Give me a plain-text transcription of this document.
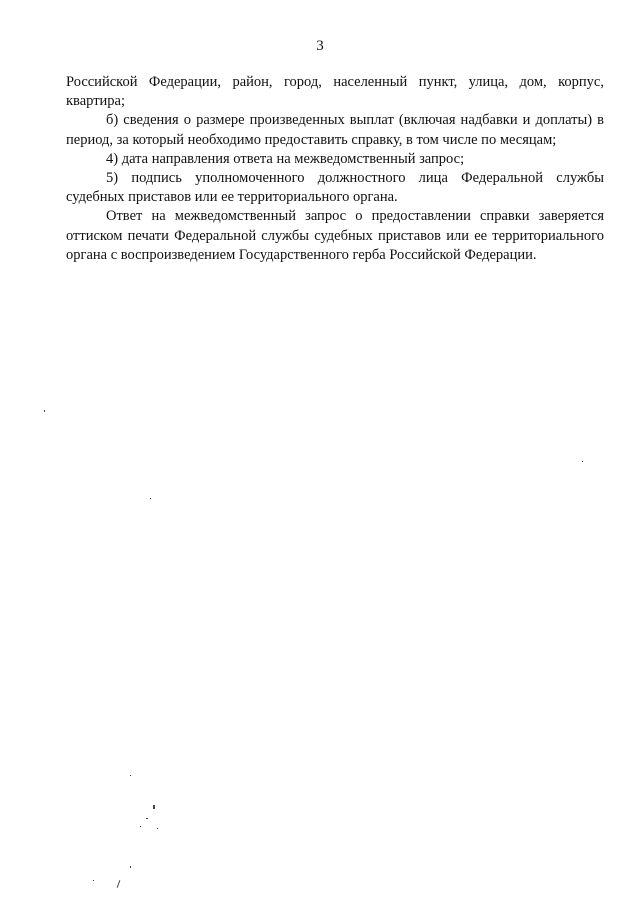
3

Российской Федерации, район, город, населенный пункт, улица, дом, корпус, квартира;

б) сведения о размере произведенных выплат (включая надбавки и доплаты) в период, за который необходимо предоставить справку, в том числе по месяцам;

4) дата направления ответа на межведомственный запрос;

5) подпись уполномоченного должностного лица Федеральной службы судебных приставов или ее территориального органа.

Ответ на межведомственный запрос о предоставлении справки заверяется оттиском печати Федеральной службы судебных приставов или ее территориального органа с воспроизведением Государственного герба Российской Федерации.
